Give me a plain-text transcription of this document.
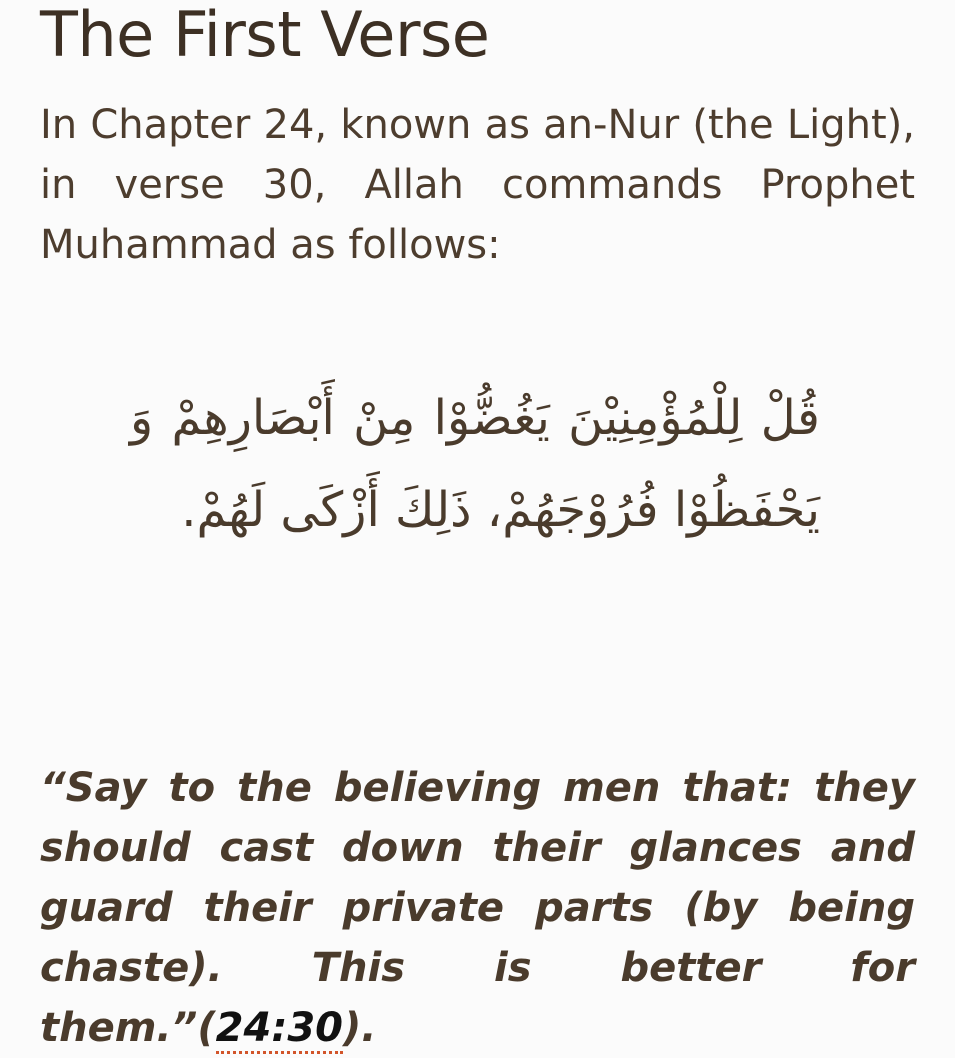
The First Verse

In Chapter 24, known as an-Nur (the Light), in verse 30, Allah commands Prophet Muhammad as follows:

قُلْ لِلْمُؤْمِنِيْنَ يَغُضُّوْا مِنْ أَبْصَارِهِمْ وَ يَحْفَظُوْا فُرُوْجَهُمْ، ذَلِكَ أَزْكَى لَهُمْ.

“Say to the believing men that: they should cast down their glances and guard their private parts (by being chaste). This is better for them.”(24:30).
